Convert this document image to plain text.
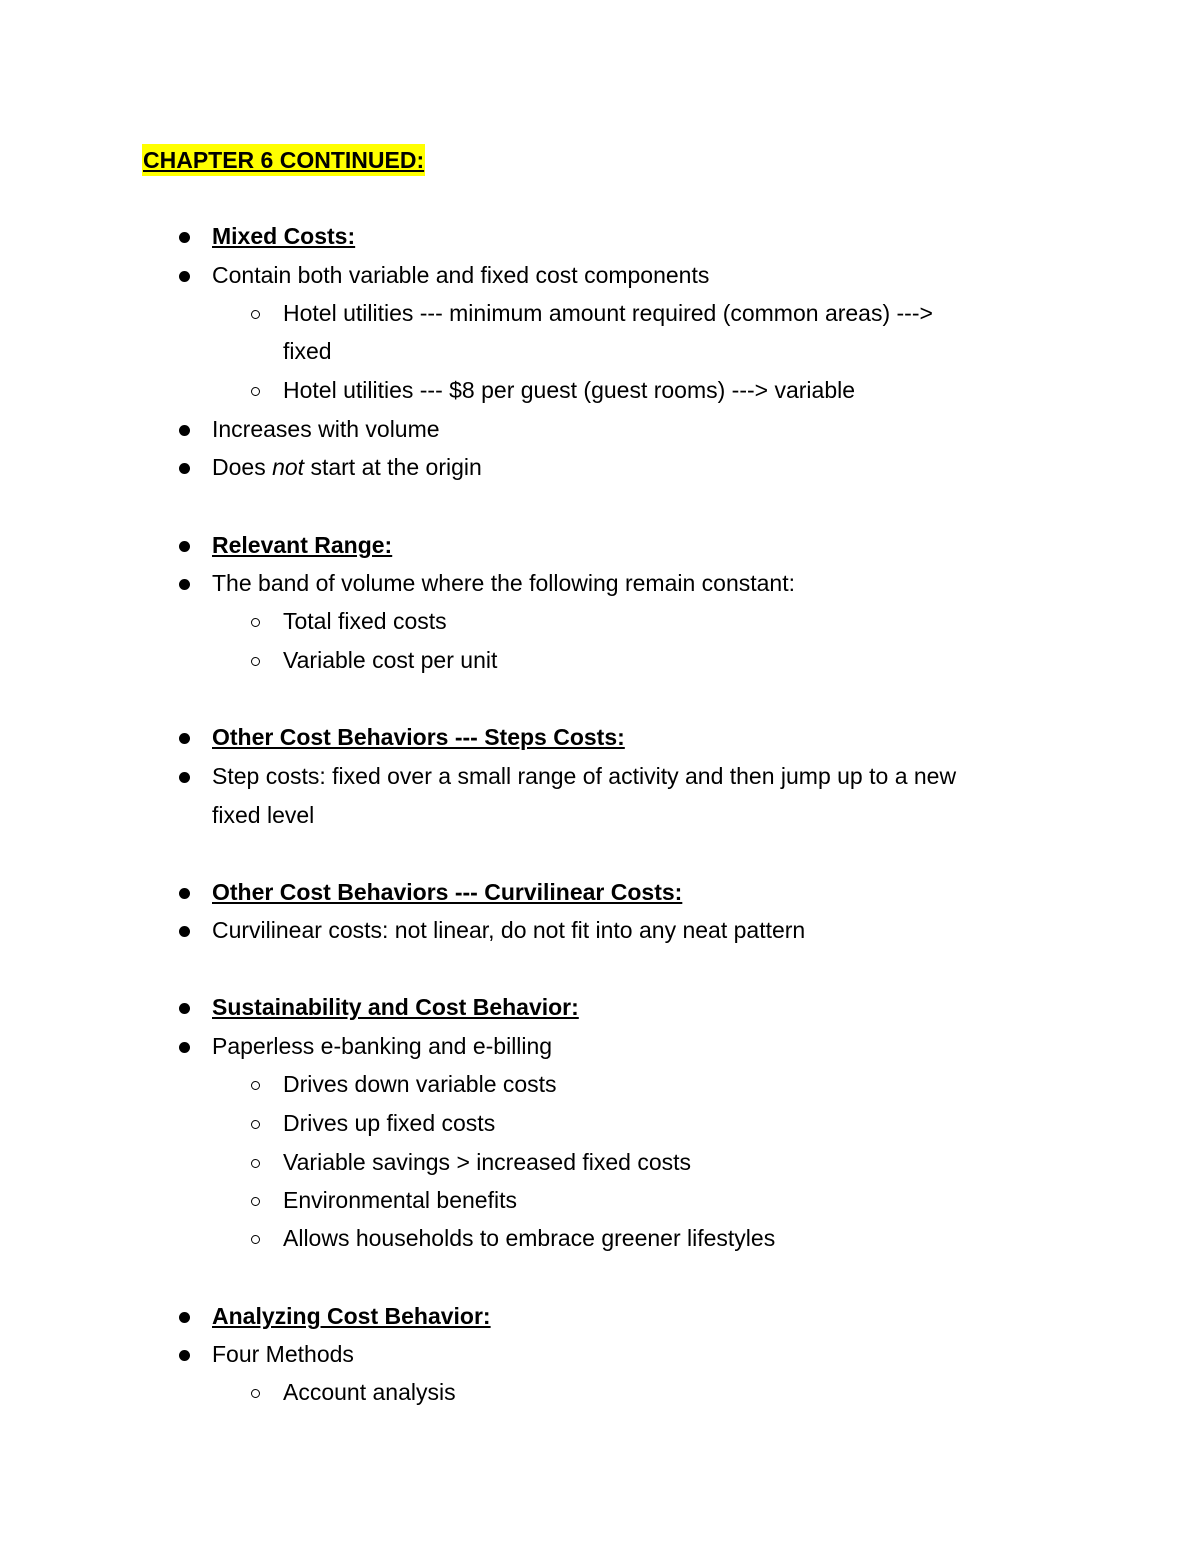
CHAPTER 6 CONTINUED:
Mixed Costs:
Contain both variable and fixed cost components
Hotel utilities --- minimum amount required (common areas) --->
fixed
Hotel utilities --- $8 per guest (guest rooms) ---> variable
Increases with volume
Does not start at the origin
Relevant Range:
The band of volume where the following remain constant:
Total fixed costs
Variable cost per unit
Other Cost Behaviors --- Steps Costs:
Step costs: fixed over a small range of activity and then jump up to a new
fixed level
Other Cost Behaviors --- Curvilinear Costs:
Curvilinear costs: not linear, do not fit into any neat pattern
Sustainability and Cost Behavior:
Paperless e-banking and e-billing
Drives down variable costs
Drives up fixed costs
Variable savings > increased fixed costs
Environmental benefits
Allows households to embrace greener lifestyles
Analyzing Cost Behavior:
Four Methods
Account analysis
